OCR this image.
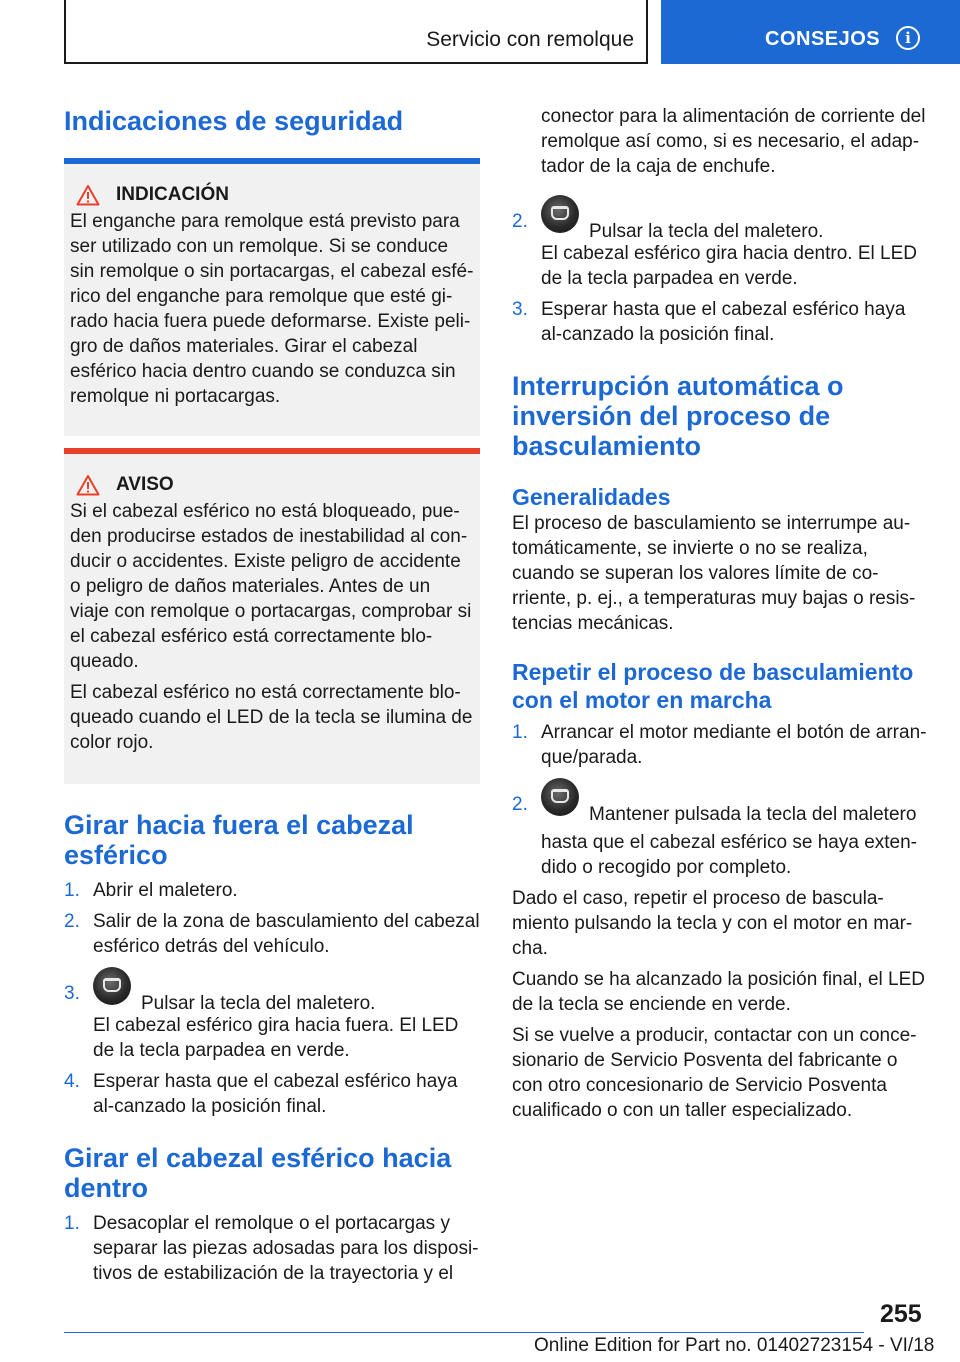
Servicio con remolque	CONSEJOS	i
Indicaciones de seguridad
INDICACIÓN

El enganche para remolque está previsto para ser utilizado con un remolque. Si se conduce sin remolque o sin portacargas, el cabezal esfé-rico del enganche para remolque que esté gi-rado hacia fuera puede deformarse. Existe peli-gro de daños materiales. Girar el cabezal esférico hacia dentro cuando se conduzca sin remolque ni portacargas.

AVISO

Si el cabezal esférico no está bloqueado, pue-den producirse estados de inestabilidad al con-ducir o accidentes. Existe peligro de accidente o peligro de daños materiales. Antes de un viaje con remolque o portacargas, comprobar si el cabezal esférico está correctamente blo-queado.

El cabezal esférico no está correctamente blo-queado cuando el LED de la tecla se ilumina de color rojo.

Girar hacia fuera el cabezal esférico
1. Abrir el maletero.
2. Salir de la zona de basculamiento del cabezal esférico detrás del vehículo.
3.	Pulsar la tecla del maletero.

El cabezal esférico gira hacia fuera. El LED de la tecla parpadea en verde.

4. Esperar hasta que el cabezal esférico haya al-canzado la posición final.
Girar el cabezal esférico hacia dentro
1. Desacoplar el remolque o el portacargas y separar las piezas adosadas para los disposi-tivos de estabilización de la trayectoria y el

conector para la alimentación de corriente del remolque así como, si es necesario, el adap-tador de la caja de enchufe.

2.	Pulsar la tecla del maletero.

El cabezal esférico gira hacia dentro. El LED de la tecla parpadea en verde.

3. Esperar hasta que el cabezal esférico haya al-canzado la posición final.
Interrupción automática o inversión del proceso de basculamiento
Generalidades

El proceso de basculamiento se interrumpe au-tomáticamente, se invierte o no se realiza, cuando se superan los valores límite de co-rriente, p. ej., a temperaturas muy bajas o resis-tencias mecánicas.

Repetir el proceso de basculamiento con el motor en marcha
1. Arrancar el motor mediante el botón de arran-que/parada.
2.	Mantener pulsada la tecla del maletero hasta que el cabezal esférico se haya exten-dido o recogido por completo.

Dado el caso, repetir el proceso de bascula-miento pulsando la tecla y con el motor en mar-cha.

Cuando se ha alcanzado la posición final, el LED de la tecla se enciende en verde.

Si se vuelve a producir, contactar con un conce-sionario de Servicio Posventa del fabricante o con otro concesionario de Servicio Posventa cualificado o con un taller especializado.

255
Online Edition for Part no. 01402723154 - VI/18
